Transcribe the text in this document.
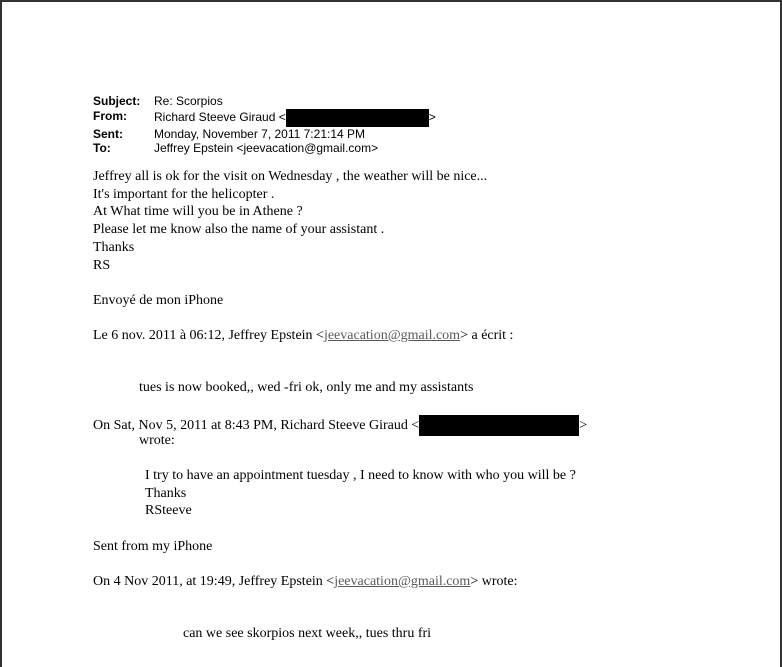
Subject:	Re: Scorpios
From:	Richard Steeve Giraud <	>
Sent:	Monday, November 7, 2011 7:21:14 PM
To:	Jeffrey Epstein <jeevacation@gmail.com>
Jeffrey all is ok for the visit on Wednesday , the weather will be nice...
It's important for the helicopter .
At What time will you be in Athene ?
Please let me know also the name of your assistant .
Thanks
RS
Envoyé de mon iPhone
Le 6 nov. 2011 à 06:12, Jeffrey Epstein <jeevacation@gmail.com> a écrit :
tues is now booked,, wed -fri ok, only me and my assistants
On Sat, Nov 5, 2011 at 8:43 PM, Richard Steeve Giraud <	>
wrote:
I try to have an appointment tuesday , I need to know with who you will be ?
Thanks
RSteeve
Sent from my iPhone
On 4 Nov 2011, at 19:49, Jeffrey Epstein <jeevacation@gmail.com> wrote:
can we see skorpios next week,, tues thru fri
